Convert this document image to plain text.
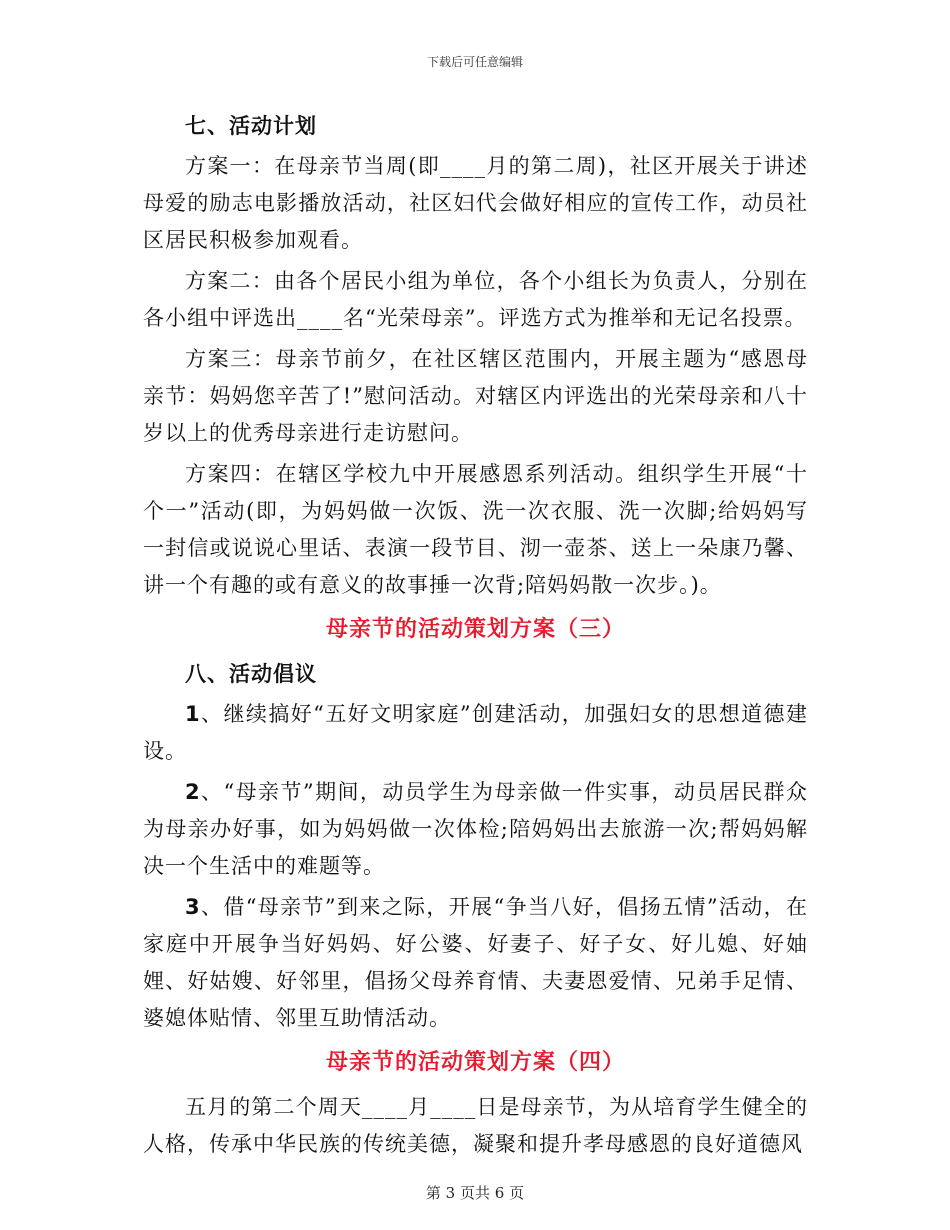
下载后可任意编辑
七、活动计划

方案一：在母亲节当周(即____月的第二周)，社区开展关于讲述母爱的励志电影播放活动，社区妇代会做好相应的宣传工作，动员社区居民积极参加观看。

方案二：由各个居民小组为单位，各个小组长为负责人，分别在各小组中评选出____名“光荣母亲”。评选方式为推举和无记名投票。

方案三：母亲节前夕，在社区辖区范围内，开展主题为“感恩母亲节：妈妈您辛苦了!”慰问活动。对辖区内评选出的光荣母亲和八十岁以上的优秀母亲进行走访慰问。

方案四：在辖区学校九中开展感恩系列活动。组织学生开展“十个一”活动(即，为妈妈做一次饭、洗一次衣服、洗一次脚;给妈妈写一封信或说说心里话、表演一段节目、沏一壶茶、送上一朵康乃馨、讲一个有趣的或有意义的故事捶一次背;陪妈妈散一次步。)。

母亲节的活动策划方案（三）
八、活动倡议

1、继续搞好“五好文明家庭”创建活动，加强妇女的思想道德建设。

2、“母亲节”期间，动员学生为母亲做一件实事，动员居民群众为母亲办好事，如为妈妈做一次体检;陪妈妈出去旅游一次;帮妈妈解决一个生活中的难题等。

3、借“母亲节”到来之际，开展“争当八好，倡扬五情”活动，在家庭中开展争当好妈妈、好公婆、好妻子、好子女、好儿媳、好妯娌、好姑嫂、好邻里，倡扬父母养育情、夫妻恩爱情、兄弟手足情、婆媳体贴情、邻里互助情活动。

母亲节的活动策划方案（四）

五月的第二个周天____月____日是母亲节，为从培育学生健全的人格，传承中华民族的传统美德，凝聚和提升孝母感恩的良好道德风

第 3 页共 6 页
